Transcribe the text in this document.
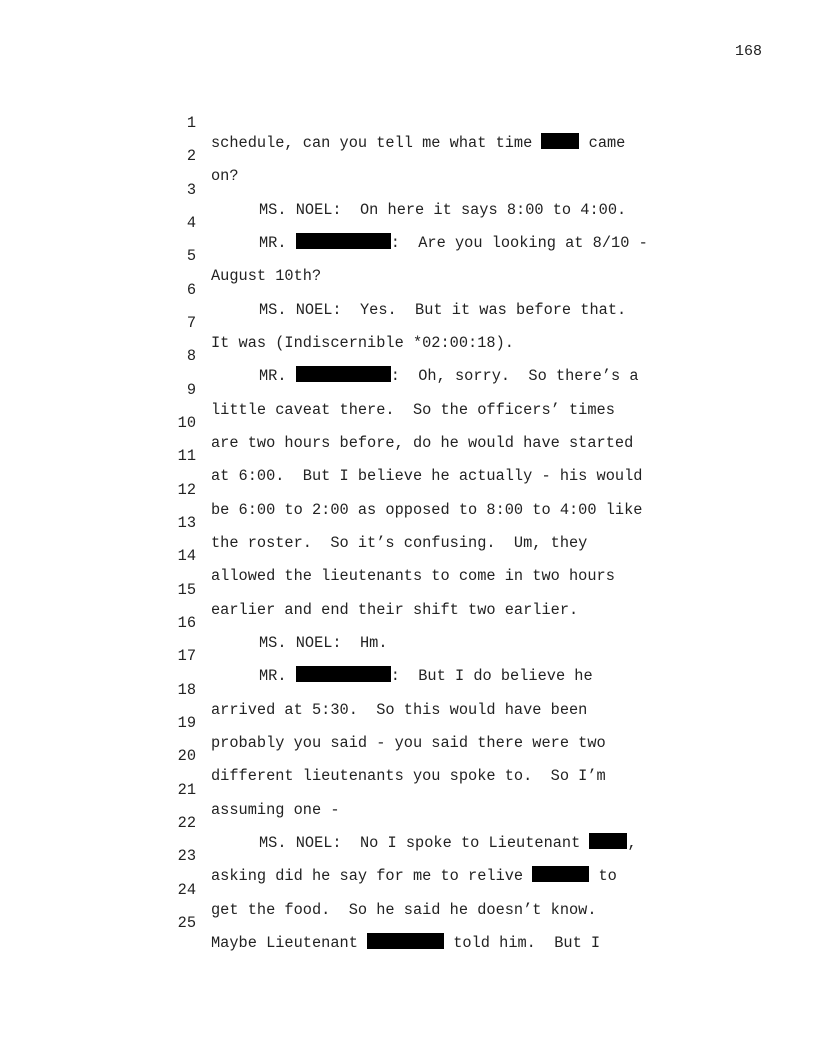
168

1

schedule, can you tell me what time  came

2

on?

3

MS. NOEL:  On here it says 8:00 to 4:00.

4

MR.	:  Are you looking at 8/10 -

5

August 10th?

6

MS. NOEL:  Yes.  But it was before that.

7

It was (Indiscernible *02:00:18).

8

MR.	:  Oh, sorry.  So there’s a

9

little caveat there.  So the officers’ times

10

are two hours before, do he would have started

11

at 6:00.  But I believe he actually - his would

12

be 6:00 to 2:00 as opposed to 8:00 to 4:00 like

13

the roster.  So it’s confusing.  Um, they

14

allowed the lieutenants to come in two hours

15

earlier and end their shift two earlier.

16

MS. NOEL:  Hm.

17

MR.	:  But I do believe he

18

arrived at 5:30.  So this would have been

19

probably you said - you said there were two

20

different lieutenants you spoke to.  So I’m

21

assuming one -

22

MS. NOEL:  No I spoke to Lieutenant ,

23

asking did he say for me to relive	to

24

get the food.  So he said he doesn’t know.

25

Maybe Lieutenant	told him.  But I
